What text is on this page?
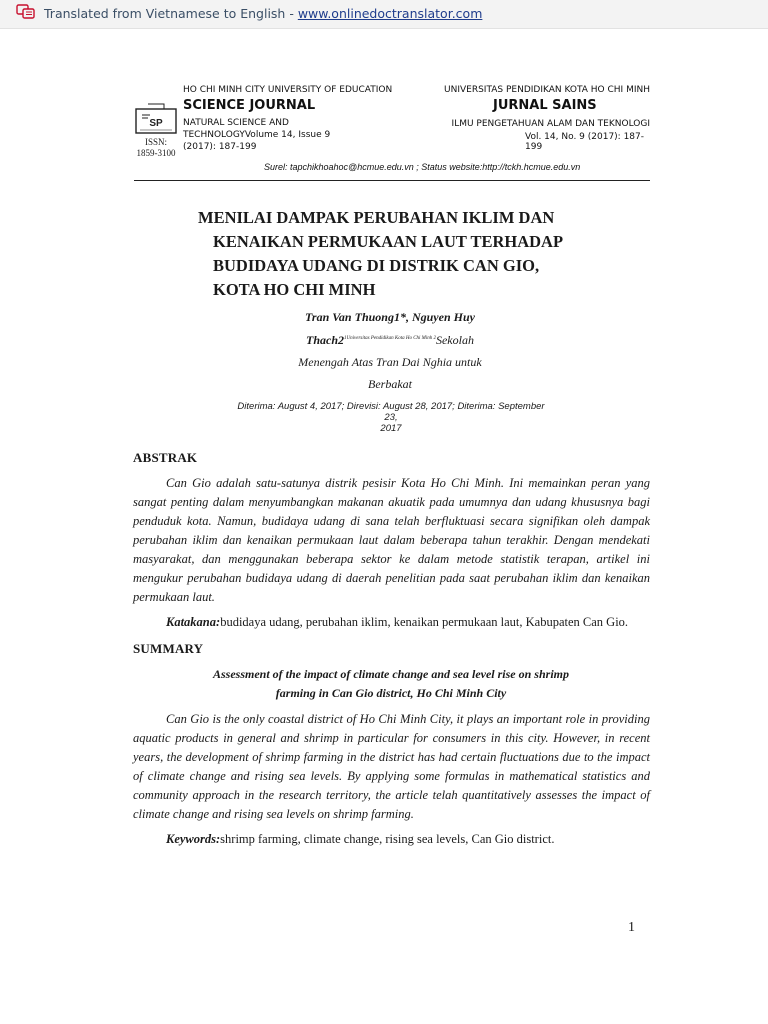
Translated from Vietnamese to English - www.onlinedoctranslator.com
HO CHI MINH CITY UNIVERSITY OF EDUCATION
SCIENCE JOURNAL
NATURAL SCIENCE AND
TECHNOLOGYVolume 14, Issue 9
(2017): 187-199
UNIVERSITAS PENDIDIKAN KOTA HO CHI MINH
JURNAL SAINS
ILMU PENGETAHUAN ALAM DAN TEKNOLOGI
Vol. 14, No. 9 (2017): 187-
199
SP
ISSN:
1859-3100
Surel: tapchikhoahoc@hcmue.edu.vn ; Status website:http://tckh.hcmue.edu.vn
MENILAI DAMPAK PERUBAHAN IKLIM DAN
KENAIKAN PERMUKAAN LAUT TERHADAP
BUDIDAYA UDANG DI DISTRIK CAN GIO,
KOTA HO CHI MINH
Tran Van Thuong1*, Nguyen Huy
$Thach2^{1Universitas Pendidikan Kota Ho Chi Minh 2}Sekolah$
Menengah Atas Tran Dai Nghia untuk
Berbakat
Diterima: August 4, 2017; Direvisi: August 28, 2017; Diterima: September 23,
2017
ABSTRAK

Can Gio adalah satu-satunya distrik pesisir Kota Ho Chi Minh. Ini memainkan peran yang sangat penting dalam menyumbangkan makanan akuatik pada umumnya dan udang khususnya bagi penduduk kota. Namun, budidaya udang di sana telah berfluktuasi secara signifikan oleh dampak perubahan iklim dan kenaikan permukaan laut dalam beberapa tahun terakhir. Dengan mendekati masyarakat, dan menggunakan beberapa sektor ke dalam metode statistik terapan, artikel ini mengukur perubahan budidaya udang di daerah penelitian pada saat perubahan iklim dan kenaikan permukaan laut.

Katakana:budidaya udang, perubahan iklim, kenaikan permukaan laut, Kabupaten Can Gio.
SUMMARY
Assessment of the impact of climate change and sea level rise on shrimp
farming in Can Gio district, Ho Chi Minh City

Can Gio is the only coastal district of Ho Chi Minh City, it plays an important role in providing aquatic products in general and shrimp in particular for consumers in this city. However, in recent years, the development of shrimp farming in the district has had certain fluctuations due to the impact of climate change and rising sea levels. By applying some formulas in mathematical statistics and community approach in the research territory, the article telah quantitatively assesses the impact of climate change and rising sea levels on shrimp farming.

Keywords:shrimp farming, climate change, rising sea levels, Can Gio district.
1
